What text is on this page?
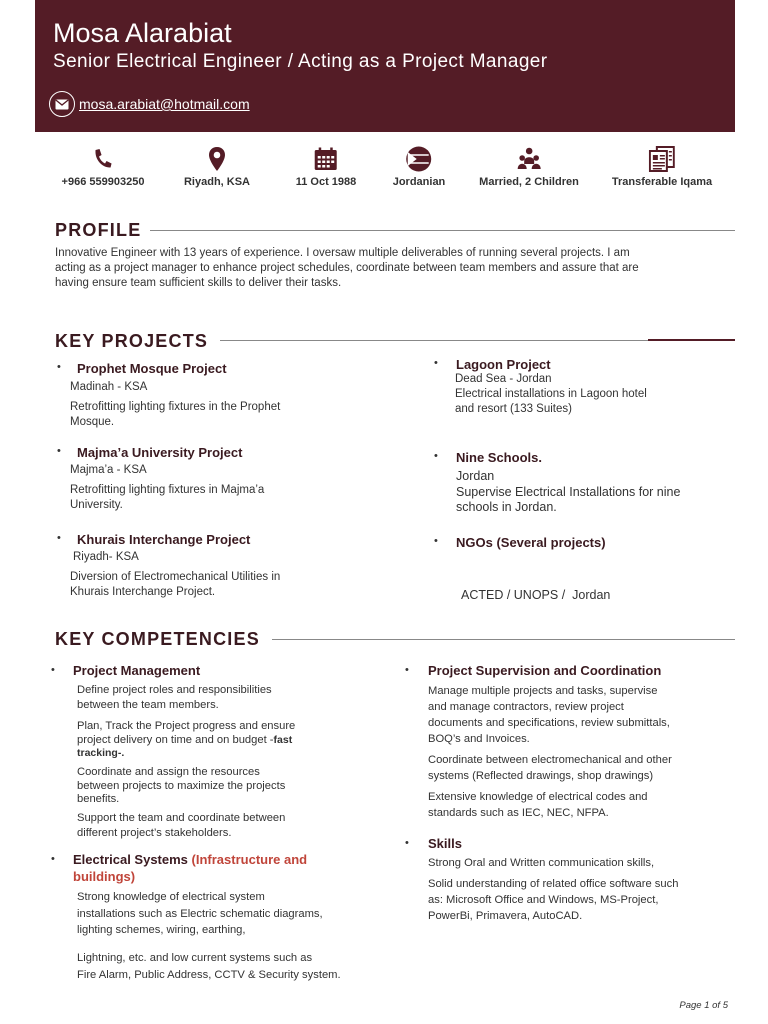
Mosa Alarabiat
Senior Electrical Engineer / Acting as a Project Manager
mosa.arabiat@hotmail.com
+966 559903250	Riyadh, KSA	11 Oct 1988	Jordanian	Married, 2 Children	Transferable Iqama
PROFILE
Innovative Engineer with 13 years of experience. I oversaw multiple deliverables of running several projects. I am
acting as a project manager to enhance project schedules, coordinate between team members and assure that are
having ensure team sufficient skills to deliver their tasks.
KEY PROJECTS
• Prophet Mosque Project
Madinah - KSA
Retrofitting lighting fixtures in the Prophet
Mosque.
• Majma’a University Project
Majma’a - KSA
Retrofitting lighting fixtures in Majma’a
University.
• Khurais Interchange Project
Riyadh- KSA
Diversion of Electromechanical Utilities in
Khurais Interchange Project.
• Lagoon Project
Dead Sea - Jordan
Electrical installations in Lagoon hotel
and resort (133 Suites)
• Nine Schools.
Jordan
Supervise Electrical Installations for nine
schools in Jordan.
• NGOs (Several projects)

ACTED / UNOPS /  Jordan

KEY COMPETENCIES
• Project Management
Define project roles and responsibilities
between the team members.
Plan, Track the Project progress and ensure
project delivery on time and on budget -fast
tracking-.
Coordinate and assign the resources
between projects to maximize the projects
benefits.
Support the team and coordinate between
different project’s stakeholders.
• Electrical Systems (Infrastructure and
buildings)
Strong knowledge of electrical system
installations such as Electric schematic diagrams,
lighting schemes, wiring, earthing,
Lightning, etc. and low current systems such as
Fire Alarm, Public Address, CCTV & Security system.
• Project Supervision and Coordination
Manage multiple projects and tasks, supervise
and manage contractors, review project
documents and specifications, review submittals,
BOQ’s and Invoices.
Coordinate between electromechanical and other
systems (Reflected drawings, shop drawings)
Extensive knowledge of electrical codes and
standards such as IEC, NEC, NFPA.
• Skills
Strong Oral and Written communication skills,
Solid understanding of related office software such
as: Microsoft Office and Windows, MS-Project,
PowerBi, Primavera, AutoCAD.
Page 1 of 5
